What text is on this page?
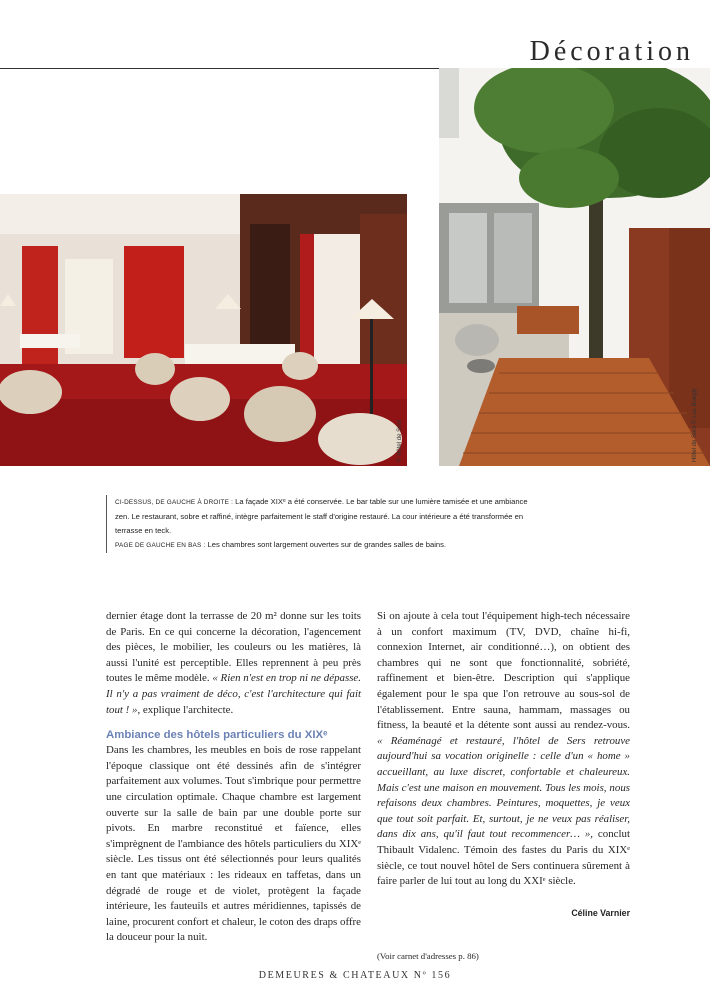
Décoration
© Hôtel de Sers	Hôtel de Sers © Luc Boegly

CI-DESSUS, DE GAUCHE À DROITE : La façade XIXᵉ a été conservée. Le bar table sur une lumière tamisée et une ambiance zen. Le restaurant, sobre et raffiné, intègre parfaitement le staff d'origine restauré. La cour intérieure a été transformée en terrasse en teck.

PAGE DE GAUCHE EN BAS : Les chambres sont largement ouvertes sur de grandes salles de bains.

dernier étage dont la terrasse de 20 m² donne sur les toits de Paris. En ce qui concerne la décoration, l'agencement des pièces, le mobilier, les couleurs ou les matières, là aussi l'unité est perceptible. Elles reprennent à peu près toutes le même modèle. « Rien n'est en trop ni ne dépasse. Il n'y a pas vraiment de déco, c'est l'architecture qui fait tout ! », explique l'architecte.

Ambiance des hôtels particuliers du XIXᵉ

Dans les chambres, les meubles en bois de rose rappelant l'époque classique ont été dessinés afin de s'intégrer parfaitement aux volumes. Tout s'imbrique pour permettre une circulation optimale. Chaque chambre est largement ouverte sur la salle de bain par une double porte sur pivots. En marbre reconstitué et faïence, elles s'imprègnent de l'ambiance des hôtels particuliers du XIXᵉ siècle. Les tissus ont été sélectionnés pour leurs qualités en tant que matériaux : les rideaux en taffetas, dans un dégradé de rouge et de violet, protègent la façade intérieure, les fauteuils et autres méridiennes, tapissés de laine, procurent confort et chaleur, le coton des draps offre la douceur pour la nuit.

Si on ajoute à cela tout l'équipement high-tech nécessaire à un confort maximum (TV, DVD, chaîne hi-fi, connexion Internet, air conditionné…), on obtient des chambres qui ne sont que fonctionnalité, sobriété, raffinement et bien-être. Description qui s'applique également pour le spa que l'on retrouve au sous-sol de l'établissement. Entre sauna, hammam, massages ou fitness, la beauté et la détente sont aussi au rendez-vous. « Réaménagé et restauré, l'hôtel de Sers retrouve aujourd'hui sa vocation originelle : celle d'un « home » accueillant, au luxe discret, confortable et chaleureux. Mais c'est une maison en mouvement. Tous les mois, nous refaisons deux chambres. Peintures, moquettes, je veux que tout soit parfait. Et, surtout, je ne veux pas réaliser, dans dix ans, qu'il faut tout recommencer… », conclut Thibault Vidalenc. Témoin des fastes du Paris du XIXᵉ siècle, ce tout nouvel hôtel de Sers continuera sûrement à faire parler de lui tout au long du XXIᵉ siècle.

Céline Varnier
(Voir carnet d'adresses p. 86)
DEMEURES & CHATEAUX Nº 156
